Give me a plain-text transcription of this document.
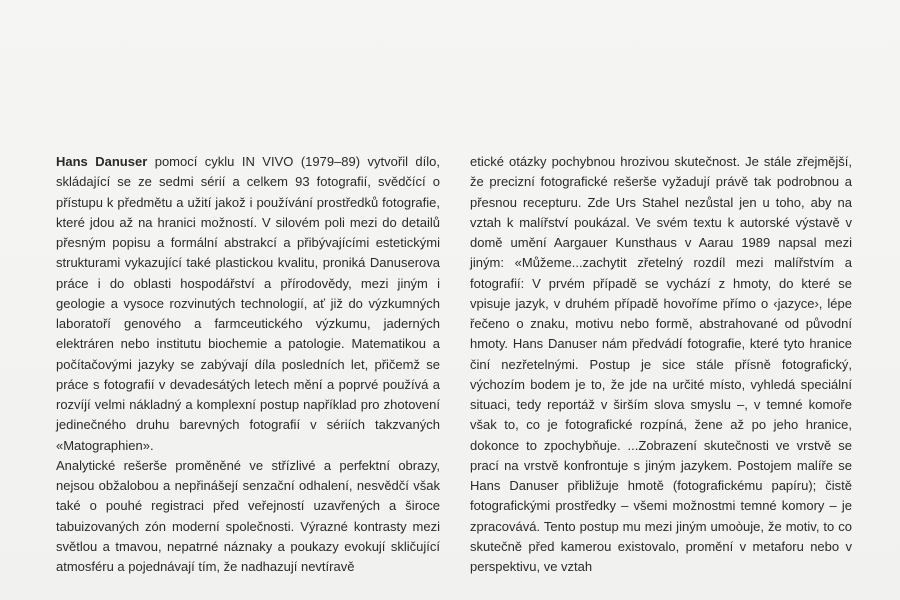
Hans Danuser pomocí cyklu IN VIVO (1979–89) vytvořil dílo, skládající se ze sedmi sérií a celkem 93 fotografií, svědčící o přístupu k předmětu a užití jakož i používání prostředků fotografie, které jdou až na hranici možností. V silovém poli mezi do detailů přesným popisu a formální abstrakcí a přibývajícími estetickými strukturami vykazující také plastickou kvalitu, proniká Danuserova práce i do oblasti hospodářství a přírodovědy, mezi jiným i geologie a vysoce rozvinutých technologií, ať již do výzkumných laboratoří genového a farmceutického výzkumu, jaderných elektráren nebo institutu biochemie a patologie. Matematikou a počítačovými jazyky se zabývají díla posledních let, přičemž se práce s fotografií v devadesátých letech mění a poprvé používá a rozvíjí velmi nákladný a komplexní postup například pro zhotovení jedinečného druhu barevných fotografií v sériích takzvaných «Matographien».

Analytické rešerše proměněné ve střízlivé a perfektní obrazy, nejsou obžalobou a nepřinášejí senzační odhalení, nesvědčí však také o pouhé registraci před veřejností uzavřených a široce tabuizovaných zón moderní společnosti. Výrazné kontrasty mezi světlou a tmavou, nepatrné náznaky a poukazy evokují skličující atmosféru a pojednávají tím, že nadhazují nevtíravě

etické otázky pochybnou hrozivou skutečnost. Je stále zřejmější, že precizní fotografické rešerše vyžadují právě tak podrobnou a přesnou recepturu. Zde Urs Stahel nezůstal jen u toho, aby na vztah k malířství poukázal. Ve svém textu k autorské výstavě v domě umění Aargauer Kunsthaus v Aarau 1989 napsal mezi jiným: «Můžeme...zachytit zřetelný rozdíl mezi malířstvím a fotografií: V prvém případě se vychází z hmoty, do které se vpisuje jazyk, v druhém případě hovoříme přímo o ‹jazyce›, lépe řečeno o znaku, motivu nebo formě, abstrahované od původní hmoty. Hans Danuser nám předvádí fotografie, které tyto hranice činí nezřetelnými. Postup je sice stále přísně fotografický, výchozím bodem je to, že jde na určité místo, vyhledá speciální situaci, tedy reportáž v širším slova smyslu –, v temné komoře však to, co je fotografické rozpíná, žene až po jeho hranice, dokonce to zpochybňuje. ...Zobrazení skutečnosti ve vrstvě se prací na vrstvě konfrontuje s jiným jazykem. Postojem malíře se Hans Danuser přibližuje hmotě (fotografickému papíru); čistě fotografickými prostředky – všemi možnostmi temné komory – je zpracovává. Tento postup mu mezi jiným umoòuje, že motiv, to co skutečně před kamerou existovalo, promění v metaforu nebo v perspektivu, ve vztah
